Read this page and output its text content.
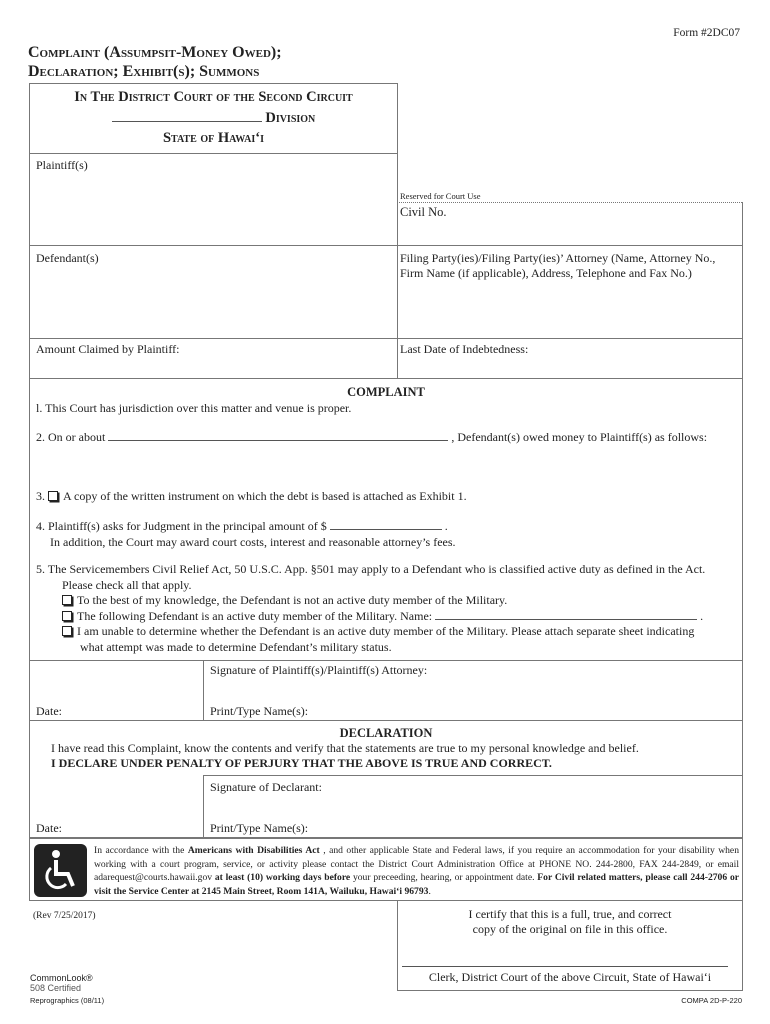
Form #2DC07
Complaint (Assumpsit-Money Owed);
Declaration; Exhibit(s); Summons
In The District Court of the Second Circuit
Division
State of Hawai‘i
Plaintiff(s)
Reserved for Court Use
Civil No.
Defendant(s)	Filing Party(ies)/Filing Party(ies)’ Attorney (Name, Attorney No., Firm Name (if applicable), Address, Telephone and Fax No.)
Amount Claimed by Plaintiff:	Last Date of Indebtedness:
COMPLAINT
l. This Court has jurisdiction over this matter and venue is proper.
2. On or about	, Defendant(s) owed money to Plaintiff(s) as follows:
3. A copy of the written instrument on which the debt is based is attached as Exhibit 1.
4. Plaintiff(s) asks for Judgment in the principal amount of $	.
In addition, the Court may award court costs, interest and reasonable attorney’s fees.
5. The Servicemembers Civil Relief Act, 50 U.S.C. App. §501 may apply to a Defendant who is classified active duty as defined in the Act.
Please check all that apply.
To the best of my knowledge, the Defendant is not an active duty member of the Military.
The following Defendant is an active duty member of the Military. Name:	.
I am unable to determine whether the Defendant is an active duty member of the Military. Please attach separate sheet indicating
what attempt was made to determine Defendant’s military status.
Signature of Plaintiff(s)/Plaintiff(s) Attorney:
Date:	Print/Type Name(s):
DECLARATION
I have read this Complaint, know the contents and verify that the statements are true to my personal knowledge and belief.
I DECLARE UNDER PENALTY OF PERJURY THAT THE ABOVE IS TRUE AND CORRECT.
Signature of Declarant:
Date:	Print/Type Name(s):
In accordance with the Americans with Disabilities Act , and other applicable State and Federal laws, if you require an accommodation for your disability when working with a court program, service, or activity please contact the District Court Administration Office at PHONE NO. 244-2800, FAX 244-2849, or email adarequest@courts.hawaii.gov at least (10) working days before your preceeding, hearing, or appointment date. For Civil related matters, please call 244-2706 or visit the Service Center at 2145 Main Street, Room 141A, Wailuku, Hawai‘i 96793.
(Rev 7/25/2017)	I certify that this is a full, true, and correct
copy of the original on file in this office.
Clerk, District Court of the above Circuit, State of Hawai‘i
CommonLook®
508 Certified
Reprographics (08/11)	COMPA 2D-P-220
